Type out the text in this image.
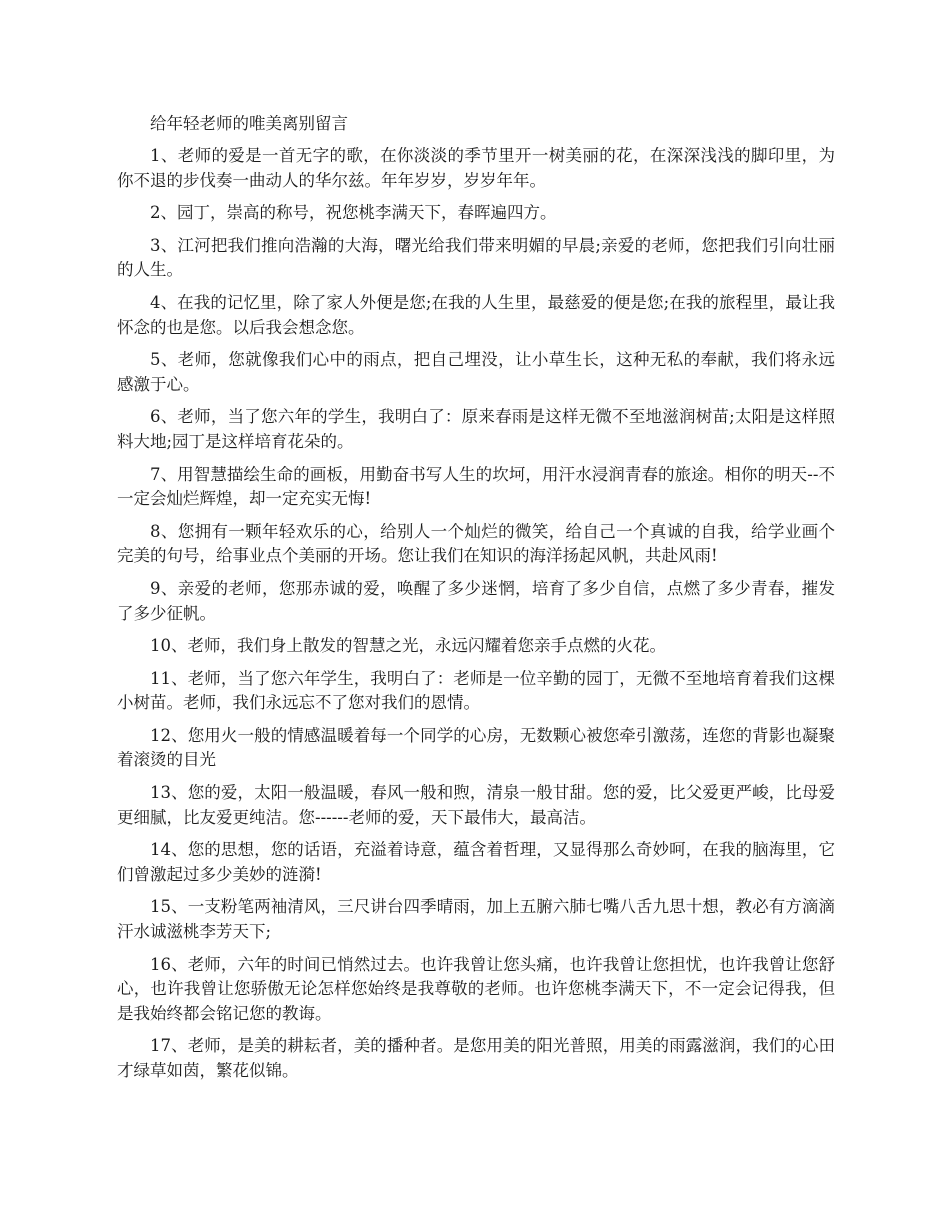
给年轻老师的唯美离别留言

1、老师的爱是一首无字的歌，在你淡淡的季节里开一树美丽的花，在深深浅浅的脚印里，为你不退的步伐奏一曲动人的华尔兹。年年岁岁，岁岁年年。

2、园丁，崇高的称号，祝您桃李满天下，春晖遍四方。

3、江河把我们推向浩瀚的大海，曙光给我们带来明媚的早晨;亲爱的老师，您把我们引向壮丽的人生。

4、在我的记忆里，除了家人外便是您;在我的人生里，最慈爱的便是您;在我的旅程里，最让我怀念的也是您。以后我会想念您。

5、老师，您就像我们心中的雨点，把自己埋没，让小草生长，这种无私的奉献，我们将永远感激于心。

6、老师，当了您六年的学生，我明白了：原来春雨是这样无微不至地滋润树苗;太阳是这样照料大地;园丁是这样培育花朵的。

7、用智慧描绘生命的画板，用勤奋书写人生的坎坷，用汗水浸润青春的旅途。相你的明天--不一定会灿烂辉煌，却一定充实无悔!

8、您拥有一颗年轻欢乐的心，给别人一个灿烂的微笑，给自己一个真诚的自我，给学业画个完美的句号，给事业点个美丽的开场。您让我们在知识的海洋扬起风帆，共赴风雨!

9、亲爱的老师，您那赤诚的爱，唤醒了多少迷惘，培育了多少自信，点燃了多少青春，摧发了多少征帆。

10、老师，我们身上散发的智慧之光，永远闪耀着您亲手点燃的火花。

11、老师，当了您六年学生，我明白了：老师是一位辛勤的园丁，无微不至地培育着我们这棵小树苗。老师，我们永远忘不了您对我们的恩情。

12、您用火一般的情感温暖着每一个同学的心房，无数颗心被您牵引激荡，连您的背影也凝聚着滚烫的目光

13、您的爱，太阳一般温暖，春风一般和煦，清泉一般甘甜。您的爱，比父爱更严峻，比母爱更细腻，比友爱更纯洁。您------老师的爱，天下最伟大，最高洁。

14、您的思想，您的话语，充溢着诗意，蕴含着哲理，又显得那么奇妙呵，在我的脑海里，它们曾激起过多少美妙的涟漪!

15、一支粉笔两袖清风，三尺讲台四季晴雨，加上五腑六肺七嘴八舌九思十想，教必有方滴滴汗水诚滋桃李芳天下;

16、老师，六年的时间已悄然过去。也许我曾让您头痛，也许我曾让您担忧，也许我曾让您舒心，也许我曾让您骄傲无论怎样您始终是我尊敬的老师。也许您桃李满天下，不一定会记得我，但是我始终都会铭记您的教诲。

17、老师，是美的耕耘者，美的播种者。是您用美的阳光普照，用美的雨露滋润，我们的心田才绿草如茵，繁花似锦。
